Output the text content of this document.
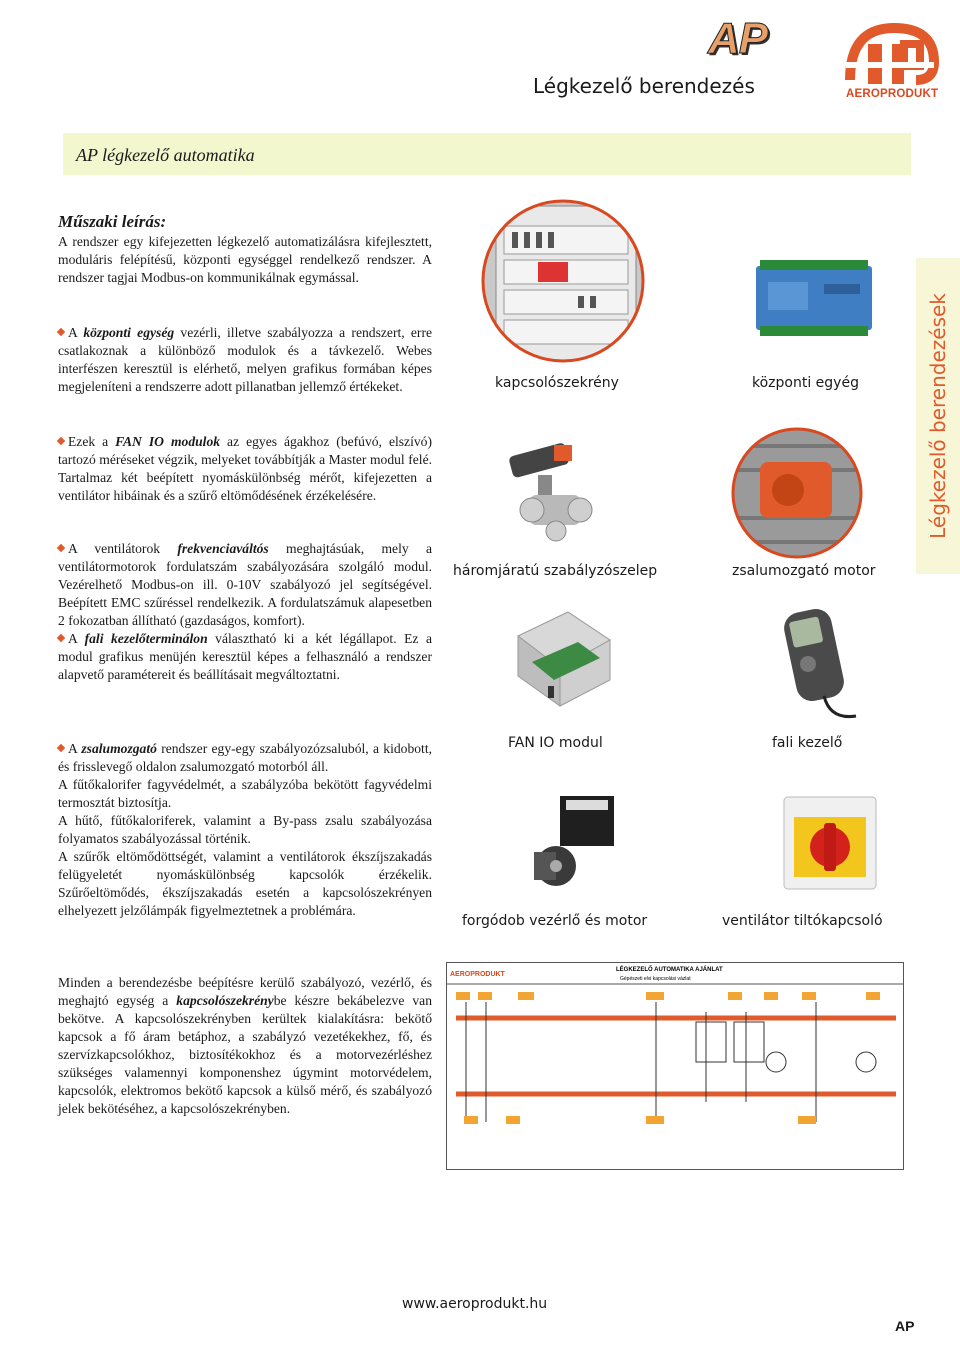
AP
Légkezelő berendezés	AEROPRODUKT
AP légkezelő automatika
Légkezelő berendezések
Műszaki leírás:

A rendszer egy kifejezetten légkezelő automatizálásra kifejlesztett, moduláris felépítésű, központi egységgel rendelkező rendszer. A rendszer tagjai Modbus-on kommunikálnak egymással.

A központi egység vezérli, illetve szabályozza a rendszert, erre csatlakoznak a különböző modulok és a távkezelő. Webes interfészen keresztül is elérhető, melyen grafikus formában képes megjeleníteni a rendszerre adott pillanatban jellemző értékeket.

Ezek a FAN IO modulok az egyes ágakhoz (befúvó, elszívó) tartozó méréseket végzik, melyeket továbbítják a Master modul felé. Tartalmaz két beépített nyomáskülönbség mérőt, kifejezetten a ventilátor hibáinak és a szűrő eltömődésének érzékelésére.

A ventilátorok frekvenciaváltós meghajtásúak, mely a ventilátormotorok fordulatszám szabályozására szolgáló modul. Vezérelhető Modbus-on ill. 0-10V szabályozó jel segítségével. Beépített EMC szűréssel rendelkezik. A fordulatszámuk alapesetben 2 fokozatban állítható (gazdaságos, komfort).

A fali kezelőterminálon választható ki a két légállapot. Ez a modul grafikus menüjén keresztül képes a felhasználó a rendszer alapvető paramétereit és beállításait megváltoztatni.

A zsalumozgató rendszer egy-egy szabályozózsaluból, a kidobott, és frisslevegő oldalon zsalumozgató motorból áll.

A fűtőkalorifer fagyvédelmét, a szabályzóba bekötött fagyvédelmi termosztát biztosítja.

A hűtő, fűtőkaloriferek, valamint a By-pass zsalu szabályozása folyamatos szabályozással történik.

A szűrők eltömődöttségét, valamint a ventilátorok ékszíjszakadás felügyeletét nyomáskülönbség kapcsolók érzékelik. Szűrőeltömődés, ékszíjszakadás esetén a kapcsolószekrényen elhelyezett jelzőlámpák figyelmeztetnek a problémára.

Minden a berendezésbe beépítésre kerülő szabályozó, vezérlő, és meghajtó egység a kapcsolószekrénybe készre bekábelezve van bekötve. A kapcsolószekrényben kerültek kialakításra: bekötő kapcsok a fő áram betáphoz, a szabályzó vezetékekhez, fő, és szervízkapcsolókhoz, biztosítékokhoz és a motorvezérléshez szükséges valamennyi komponenshez úgymint motorvédelem, kapcsolók, elektromos bekötő kapcsok a külső mérő, és szabályozó jelek bekötéséhez, a kapcsolószekrényben.

kapcsolószekrény	központi egyég
háromjáratú szabályzószelep	zsalumozgató motor
FAN IO modul	fali kezelő
forgódob vezérlő és motor	ventilátor tiltókapcsoló
AEROPRODUKT
LÉGKEZELŐ AUTOMATIKA AJÁNLAT
Gépészeti elvi kapcsolási vázlat
www.aeroprodukt.hu
AP
